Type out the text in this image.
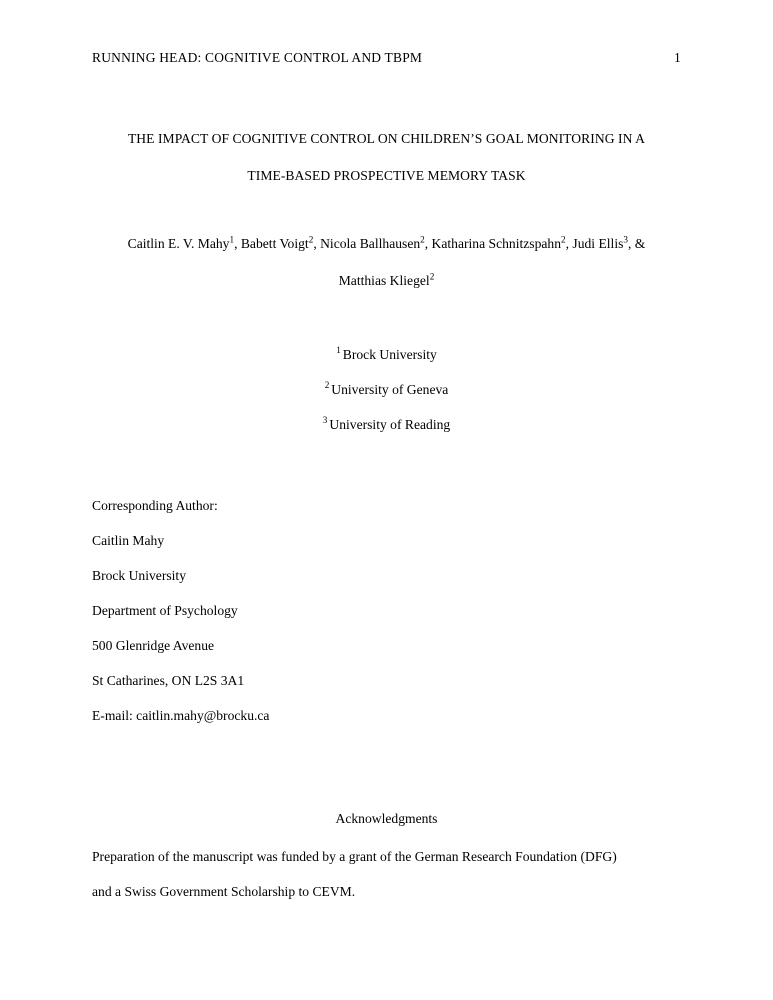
RUNNING HEAD: COGNITIVE CONTROL AND TBPM	1
THE IMPACT OF COGNITIVE CONTROL ON CHILDREN’S GOAL MONITORING IN A
TIME-BASED PROSPECTIVE MEMORY TASK
Caitlin E. V. Mahy$^1$, Babett Voigt$^2$, Nicola Ballhausen$^2$, Katharina Schnitzspahn$^2$, Judi Ellis$^3$, &
Matthias Kliegel$^2$
$^1$ Brock University
$^2$ University of Geneva
$^3$ University of Reading
Corresponding Author:
Caitlin Mahy
Brock University
Department of Psychology
500 Glenridge Avenue
St Catharines, ON L2S 3A1
E-mail: caitlin.mahy@brocku.ca
Acknowledgments
Preparation of the manuscript was funded by a grant of the German Research Foundation (DFG)
and a Swiss Government Scholarship to CEVM.
